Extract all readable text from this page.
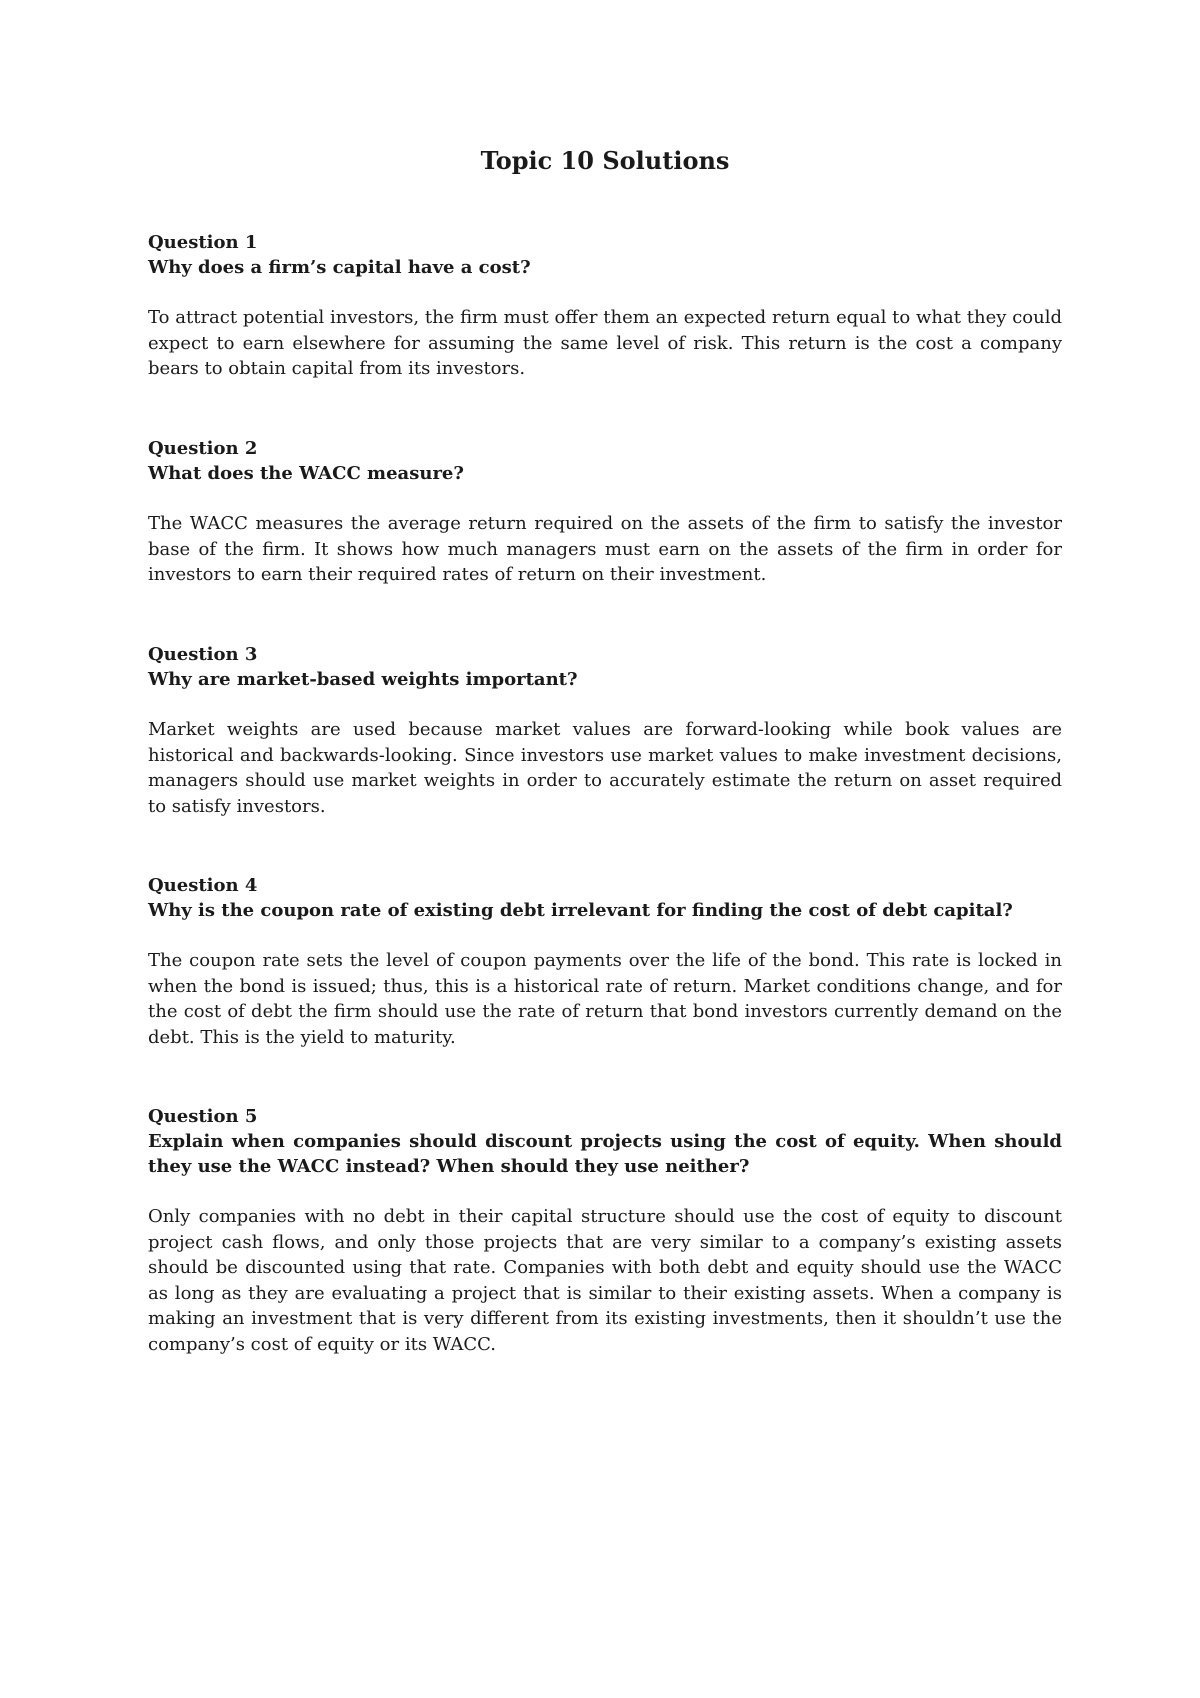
Topic 10 Solutions
Question 1
Why does a firm’s capital have a cost?
To attract potential investors, the firm must offer them an expected return equal to what they could expect to earn elsewhere for assuming the same level of risk. This return is the cost a company bears to obtain capital from its investors.
Question 2
What does the WACC measure?
The WACC measures the average return required on the assets of the firm to satisfy the investor base of the firm. It shows how much managers must earn on the assets of the firm in order for investors to earn their required rates of return on their investment.
Question 3
Why are market-based weights important?
Market weights are used because market values are forward-looking while book values are historical and backwards-looking. Since investors use market values to make investment decisions, managers should use market weights in order to accurately estimate the return on asset required to satisfy investors.
Question 4
Why is the coupon rate of existing debt irrelevant for finding the cost of debt capital?
The coupon rate sets the level of coupon payments over the life of the bond. This rate is locked in when the bond is issued; thus, this is a historical rate of return. Market conditions change, and for the cost of debt the firm should use the rate of return that bond investors currently demand on the debt. This is the yield to maturity.
Question 5
Explain when companies should discount projects using the cost of equity. When should they use the WACC instead? When should they use neither?
Only companies with no debt in their capital structure should use the cost of equity to discount project cash flows, and only those projects that are very similar to a company’s existing assets should be discounted using that rate. Companies with both debt and equity should use the WACC as long as they are evaluating a project that is similar to their existing assets. When a company is making an investment that is very different from its existing investments, then it shouldn’t use the company’s cost of equity or its WACC.
